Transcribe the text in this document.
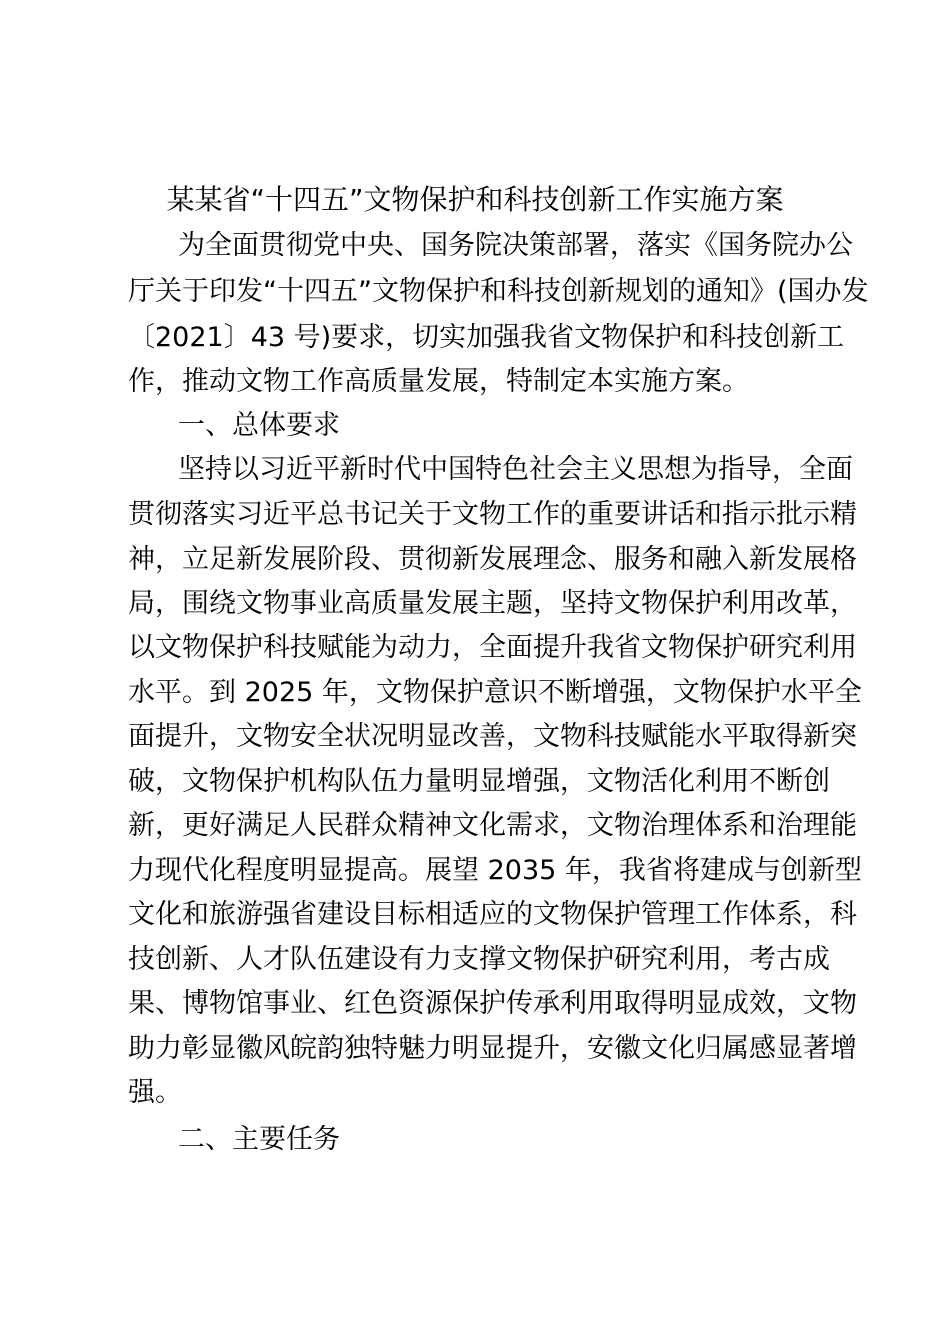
某某省“十四五”文物保护和科技创新工作实施方案
为全面贯彻党中央、国务院决策部署，落实《国务院办公
厅关于印发“十四五”文物保护和科技创新规划的通知》(国办发
〔2021〕43 号)要求，切实加强我省文物保护和科技创新工
作，推动文物工作高质量发展，特制定本实施方案。
一、总体要求
坚持以习近平新时代中国特色社会主义思想为指导，全面
贯彻落实习近平总书记关于文物工作的重要讲话和指示批示精
神，立足新发展阶段、贯彻新发展理念、服务和融入新发展格
局，围绕文物事业高质量发展主题，坚持文物保护利用改革，
以文物保护科技赋能为动力，全面提升我省文物保护研究利用
水平。到 2025 年，文物保护意识不断增强，文物保护水平全
面提升，文物安全状况明显改善，文物科技赋能水平取得新突
破，文物保护机构队伍力量明显增强，文物活化利用不断创
新，更好满足人民群众精神文化需求，文物治理体系和治理能
力现代化程度明显提高。展望 2035 年，我省将建成与创新型
文化和旅游强省建设目标相适应的文物保护管理工作体系，科
技创新、人才队伍建设有力支撑文物保护研究利用，考古成
果、博物馆事业、红色资源保护传承利用取得明显成效，文物
助力彰显徽风皖韵独特魅力明显提升，安徽文化归属感显著增
强。
二、主要任务
